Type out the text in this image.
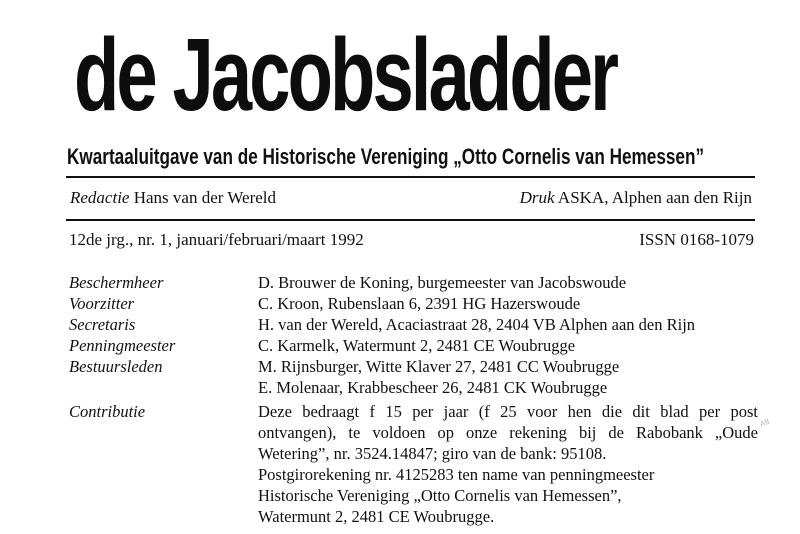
de Jacobsladder
Kwartaaluitgave van de Historische Vereniging „Otto Cornelis van Hemessen”
Redactie Hans van der Wereld	Druk ASKA, Alphen aan den Rijn
12de jrg., nr. 1, januari/februari/maart 1992	ISSN 0168-1079
Beschermheer	D. Brouwer de Koning, burgemeester van Jacobswoude
Voorzitter	C. Kroon, Rubenslaan 6, 2391 HG Hazerswoude
Secretaris	H. van der Wereld, Acaciastraat 28, 2404 VB Alphen aan den Rijn
Penningmeester	C. Karmelk, Watermunt 2, 2481 CE Woubrugge
Bestuursleden	M. Rijnsburger, Witte Klaver 27, 2481 CC Woubrugge
E. Molenaar, Krabbescheer 26, 2481 CK Woubrugge
Contributie	Deze bedraagt f 15 per jaar (f 25 voor hen die dit blad per post
ontvangen), te voldoen op onze rekening bij de Rabobank „Oude
Wetering”, nr. 3524.14847; giro van de bank: 95108.
Postgirorekening nr. 4125283 ten name van penningmeester
Historische Vereniging „Otto Cornelis van Hemessen”,
Watermunt 2, 2481 CE Woubrugge.
AB
